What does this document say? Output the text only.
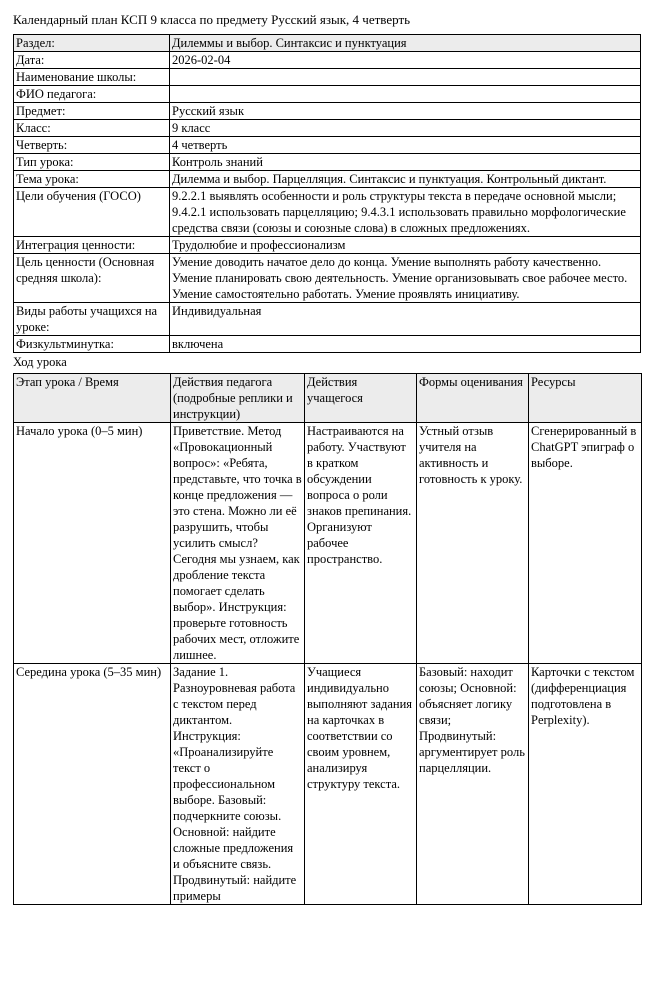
Календарный план КСП 9 класса по предмету Русский язык, 4 четверть
Раздел:	Дилеммы и выбор. Синтаксис и пунктуация
Дата:	2026-02-04
Наименование школы:	
ФИО педагога:	
Предмет:	Русский язык
Класс:	9 класс
Четверть:	4 четверть
Тип урока:	Контроль знаний
Тема урока:	Дилемма и выбор. Парцелляция. Синтаксис и пунктуация. Контрольный диктант.
Цели обучения (ГОСО)	9.2.2.1 выявлять особенности и роль структуры текста в передаче основной мысли; 9.4.2.1 использовать парцелляцию; 9.4.3.1 использовать правильно морфологические средства связи (союзы и союзные слова) в сложных предложениях.
Интеграция ценности:	Трудолюбие и профессионализм
Цель ценности (Основная средняя школа):	Умение доводить начатое дело до конца. Умение выполнять работу качественно. Умение планировать свою деятельность. Умение организовывать свое рабочее место. Умение самостоятельно работать. Умение проявлять инициативу.
Виды работы учащихся на уроке:	Индивидуальная
Физкультминутка:	включена
Ход урока
Этап урока / Время	Действия педагога (подробные реплики и инструкции)	Действия учащегося	Формы оценивания	Ресурсы
Начало урока (0–5 мин)	Приветствие. Метод «Провокационный вопрос»: «Ребята, представьте, что точка в конце предложения — это стена. Можно ли её разрушить, чтобы усилить смысл? Сегодня мы узнаем, как дробление текста помогает сделать выбор». Инструкция: проверьте готовность рабочих мест, отложите лишнее.	Настраиваются на работу. Участвуют в кратком обсуждении вопроса о роли знаков препинания. Организуют рабочее пространство.	Устный отзыв учителя на активность и готовность к уроку.	Сгенерированный в ChatGPT эпиграф о выборе.
Середина урока (5–35 мин)	Задание 1. Разноуровневая работа с текстом перед диктантом. Инструкция: «Проанализируйте текст о профессиональном выборе. Базовый: подчеркните союзы. Основной: найдите сложные предложения и объясните связь. Продвинутый: найдите примеры	Учащиеся индивидуально выполняют задания на карточках в соответствии со своим уровнем, анализируя структуру текста.	Базовый: находит союзы; Основной: объясняет логику связи; Продвинутый: аргументирует роль парцелляции.	Карточки с текстом (дифференциация подготовлена в Perplexity).
